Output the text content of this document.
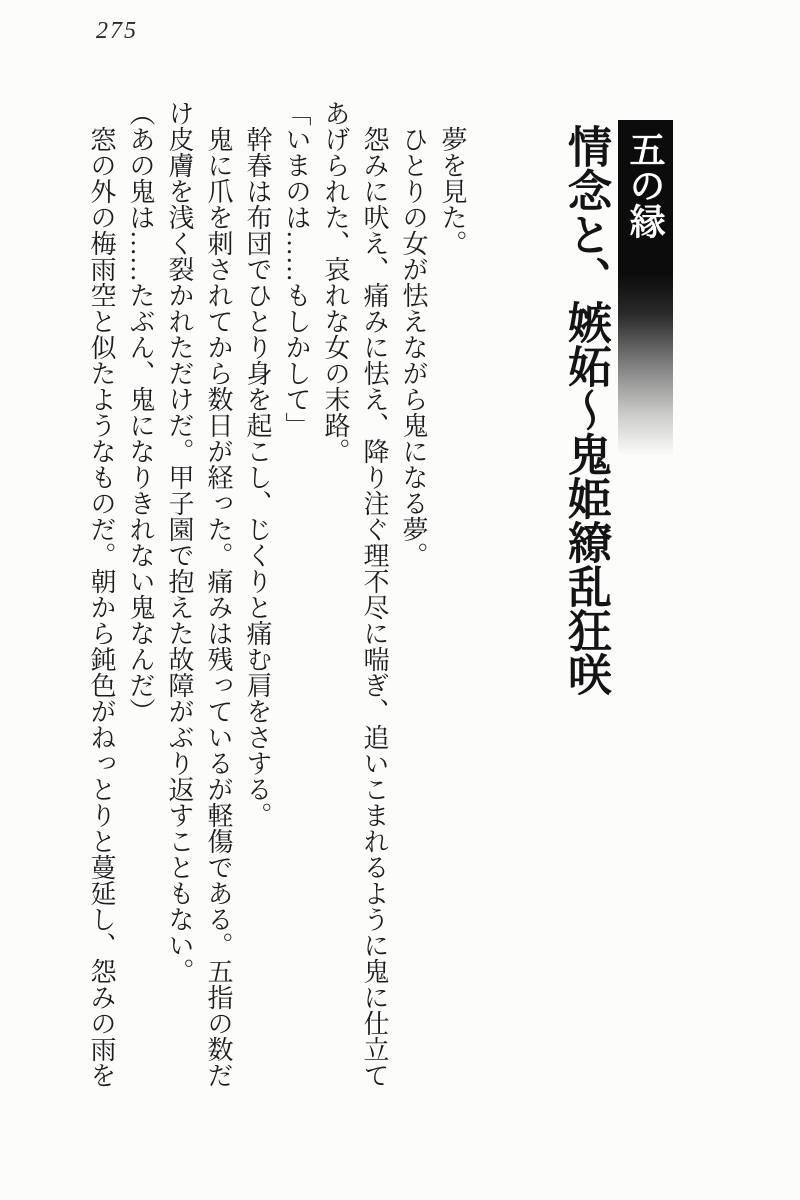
275
五の縁
情念と、嫉妬～鬼姫繚乱狂咲
夢を見た。
ひとりの女が怯えながら鬼になる夢。
怨みに吠え、痛みに怯え、降り注ぐ理不尽に喘ぎ、追いこまれるように鬼に仕立て
あげられた、哀れな女の末路。
「いまのは……もしかして」
幹春は布団でひとり身を起こし、じくりと痛む肩をさする。
鬼に爪を刺されてから数日が経った。痛みは残っているが軽傷である。五指の数だ
け皮膚を浅く裂かれただけだ。甲子園で抱えた故障がぶり返すこともない。
（あの鬼は……たぶん、鬼になりきれない鬼なんだ）
窓の外の梅雨空と似たようなものだ。朝から鈍色がねっとりと蔓延し、怨みの雨を
